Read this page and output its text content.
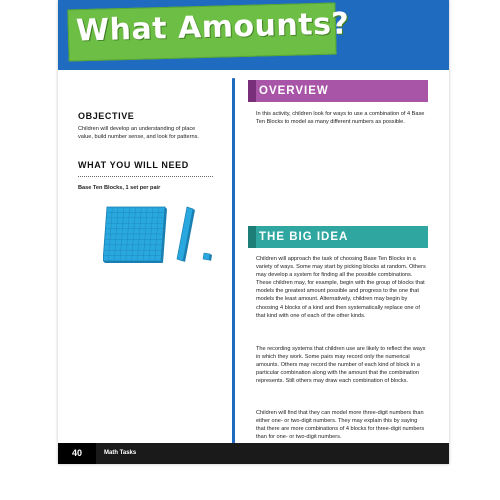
What Amounts?
OBJECTIVE
Children will develop an understanding of place value, build number sense, and look for patterns.
WHAT YOU WILL NEED
Base Ten Blocks, 1 set per pair
OVERVIEW
In this activity, children look for ways to use a combination of 4 Base Ten Blocks to model as many different numbers as possible.
THE BIG IDEA
Children will approach the task of choosing Base Ten Blocks in a variety of ways. Some may start by picking blocks at random. Others may develop a system for finding all the possible combinations. These children may, for example, begin with the group of blocks that models the greatest amount possible and progress to the one that models the least amount. Alternatively, children may begin by choosing 4 blocks of a kind and then systematically replace one of that kind with one of each of the other kinds.
The recording systems that children use are likely to reflect the ways in which they work. Some pairs may record only the numerical amounts. Others may record the number of each kind of block in a particular combination along with the amount that the combination represents. Still others may draw each combination of blocks.
Children will find that they can model more three-digit numbers than either one- or two-digit numbers. They may explain this by saying that there are more combinations of 4 blocks for three-digit numbers than for one- or two-digit numbers.
40	Math Tasks
